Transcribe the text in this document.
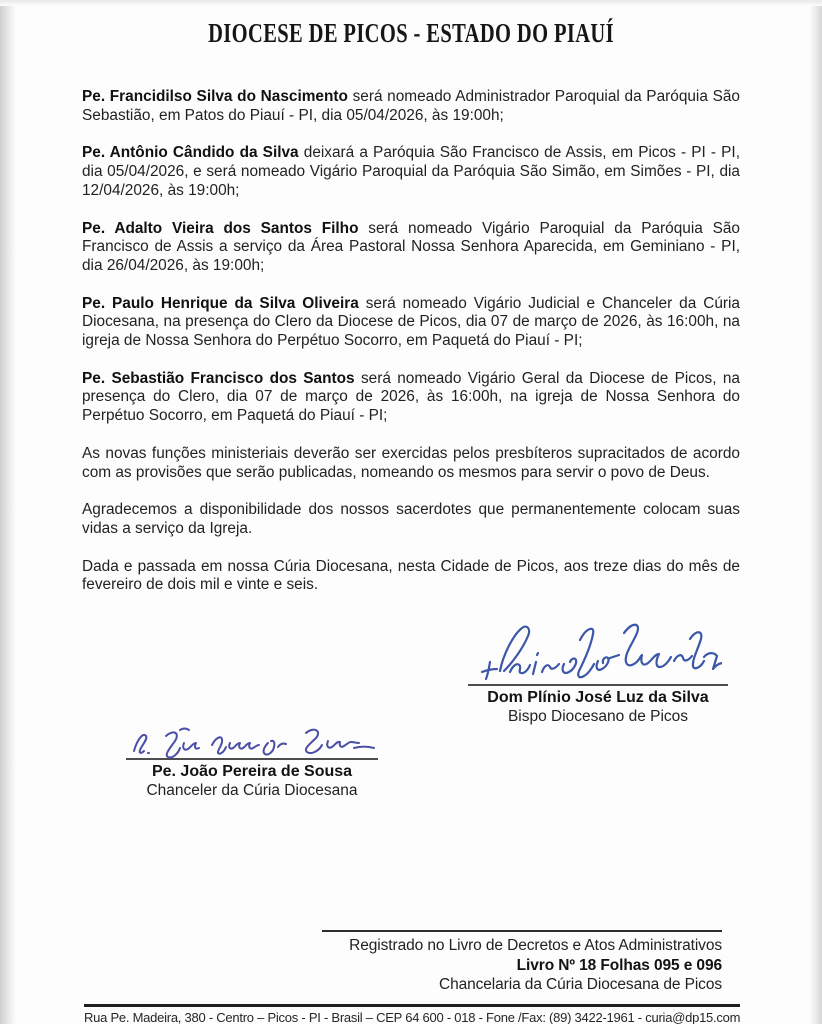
DIOCESE DE PICOS - ESTADO DO PIAUÍ

Pe. Francidilso Silva do Nascimento será nomeado Administrador Paroquial da Paróquia São Sebastião, em Patos do Piauí - PI, dia 05/04/2026, às 19:00h;

Pe. Antônio Cândido da Silva deixará a Paróquia São Francisco de Assis, em Picos - PI - PI, dia 05/04/2026, e será nomeado Vigário Paroquial da Paróquia São Simão, em Simões - PI, dia 12/04/2026, às 19:00h;

Pe. Adalto Vieira dos Santos Filho será nomeado Vigário Paroquial da Paróquia São Francisco de Assis a serviço da Área Pastoral Nossa Senhora Aparecida, em Geminiano - PI, dia 26/04/2026, às 19:00h;

Pe. Paulo Henrique da Silva Oliveira será nomeado Vigário Judicial e Chanceler da Cúria Diocesana, na presença do Clero da Diocese de Picos, dia 07 de março de 2026, às 16:00h, na igreja de Nossa Senhora do Perpétuo Socorro, em Paquetá do Piauí - PI;

Pe. Sebastião Francisco dos Santos será nomeado Vigário Geral da Diocese de Picos, na presença do Clero, dia 07 de março de 2026, às 16:00h, na igreja de Nossa Senhora do Perpétuo Socorro, em Paquetá do Piauí - PI;

As novas funções ministeriais deverão ser exercidas pelos presbíteros supracitados de acordo com as provisões que serão publicadas, nomeando os mesmos para servir o povo de Deus.

Agradecemos a disponibilidade dos nossos sacerdotes que permanentemente colocam suas vidas a serviço da Igreja.

Dada e passada em nossa Cúria Diocesana, nesta Cidade de Picos, aos treze dias do mês de fevereiro de dois mil e vinte e seis.

Dom Plínio José Luz da Silva
Bispo Diocesano de Picos
Pe. João Pereira de Sousa
Chanceler da Cúria Diocesana
Registrado no Livro de Decretos e Atos Administrativos
Livro Nº 18 Folhas 095 e 096
Chancelaria da Cúria Diocesana de Picos
Rua Pe. Madeira, 380 - Centro – Picos - PI - Brasil – CEP 64 600 - 018 - Fone /Fax: (89) 3422-1961 - curia@dp15.com
